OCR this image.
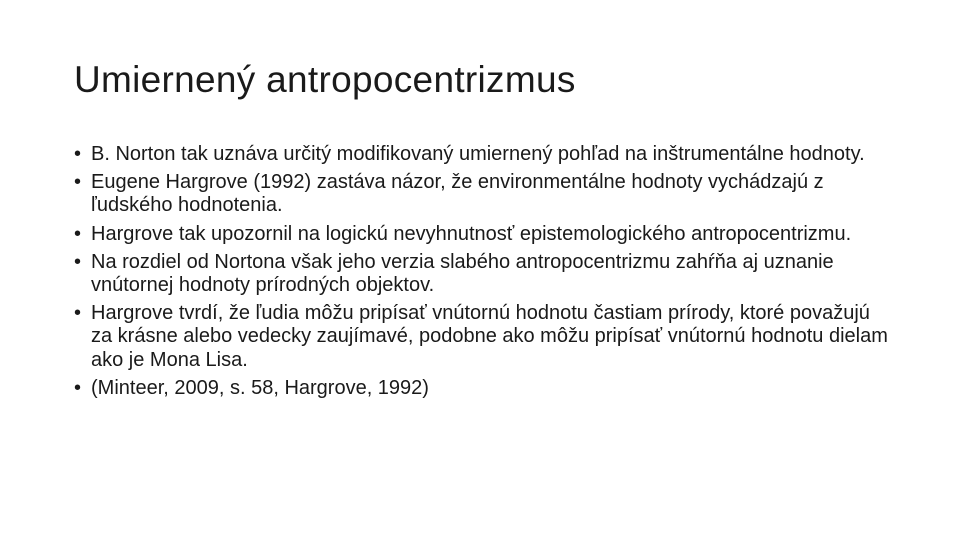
Umiernený antropocentrizmus
• B. Norton tak uznáva určitý modifikovaný umiernený pohľad na inštrumentálne hodnoty.
• Eugene Hargrove (1992) zastáva názor, že environmentálne hodnoty vychádzajú z ľudského hodnotenia.
• Hargrove tak upozornil na logickú nevyhnutnosť epistemologického antropocentrizmu.
• Na rozdiel od Nortona však jeho verzia slabého antropocentrizmu zahŕňa aj uznanie vnútornej hodnoty prírodných objektov.
• Hargrove tvrdí, že ľudia môžu pripísať vnútornú hodnotu častiam prírody, ktoré považujú za krásne alebo vedecky zaujímavé, podobne ako môžu pripísať vnútornú hodnotu dielam ako je Mona Lisa.
• (Minteer, 2009, s. 58, Hargrove, 1992)
